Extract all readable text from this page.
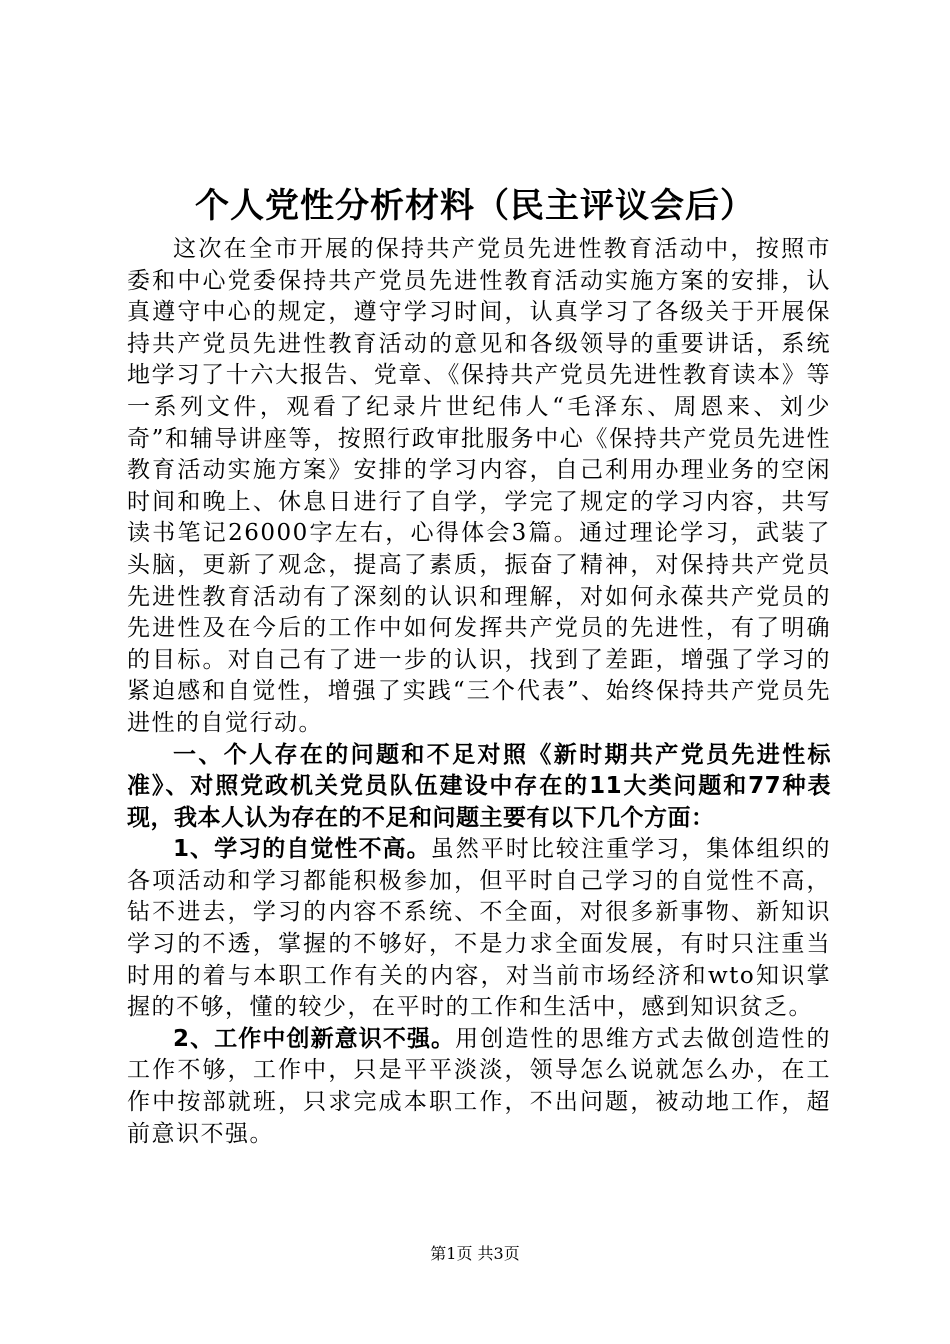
个人党性分析材料（民主评议会后）

这次在全市开展的保持共产党员先进性教育活动中，按照市委和中心党委保持共产党员先进性教育活动实施方案的安排，认真遵守中心的规定，遵守学习时间，认真学习了各级关于开展保持共产党员先进性教育活动的意见和各级领导的重要讲话，系统地学习了十六大报告、党章、《保持共产党员先进性教育读本》等一系列文件，观看了纪录片世纪伟人“毛泽东、周恩来、刘少奇”和辅导讲座等，按照行政审批服务中心《保持共产党员先进性教育活动实施方案》安排的学习内容，自己利用办理业务的空闲时间和晚上、休息日进行了自学，学完了规定的学习内容，共写读书笔记26000字左右，心得体会3篇。通过理论学习，武装了头脑，更新了观念，提高了素质，振奋了精神，对保持共产党员先进性教育活动有了深刻的认识和理解，对如何永葆共产党员的先进性及在今后的工作中如何发挥共产党员的先进性，有了明确的目标。对自己有了进一步的认识，找到了差距，增强了学习的紧迫感和自觉性，增强了实践“三个代表”、始终保持共产党员先进性的自觉行动。

一、个人存在的问题和不足对照《新时期共产党员先进性标准》、对照党政机关党员队伍建设中存在的11大类问题和77种表现，我本人认为存在的不足和问题主要有以下几个方面：

1、学习的自觉性不高。虽然平时比较注重学习，集体组织的各项活动和学习都能积极参加，但平时自己学习的自觉性不高，钻不进去，学习的内容不系统、不全面，对很多新事物、新知识学习的不透，掌握的不够好，不是力求全面发展，有时只注重当时用的着与本职工作有关的内容，对当前市场经济和wto知识掌握的不够，懂的较少，在平时的工作和生活中，感到知识贫乏。

2、工作中创新意识不强。用创造性的思维方式去做创造性的工作不够，工作中，只是平平淡淡，领导怎么说就怎么办，在工作中按部就班，只求完成本职工作，不出问题，被动地工作，超前意识不强。

第1页 共3页
